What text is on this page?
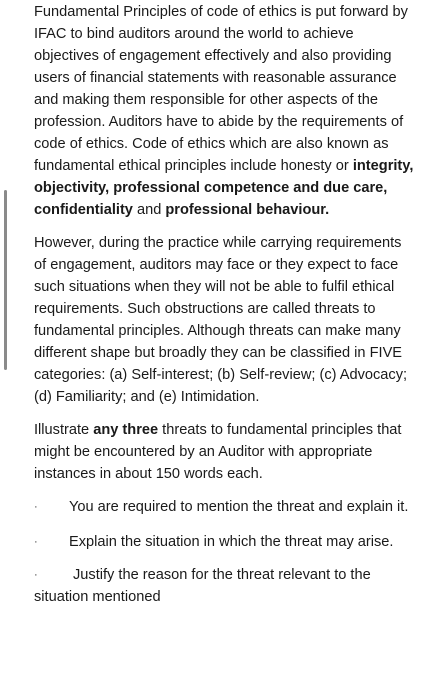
Fundamental Principles of code of ethics is put forward by IFAC to bind auditors around the world to achieve objectives of engagement effectively and also providing users of financial statements with reasonable assurance and making them responsible for other aspects of the profession. Auditors have to abide by the requirements of code of ethics. Code of ethics which are also known as fundamental ethical principles include honesty or integrity, objectivity, professional competence and due care, confidentiality and professional behaviour.

However, during the practice while carrying requirements of engagement, auditors may face or they expect to face such situations when they will not be able to fulfil ethical requirements. Such obstructions are called threats to fundamental principles. Although threats can make many different shape but broadly they can be classified in FIVE categories: (a) Self-interest; (b) Self-review; (c) Advocacy; (d) Familiarity; and (e) Intimidation.

Illustrate any three threats to fundamental principles that might be encountered by an Auditor with appropriate instances in about 150 words each.

·	You are required to mention the threat and explain it.

·	Explain the situation in which the threat may arise.

·	Justify the reason for the threat relevant to the situation mentioned
